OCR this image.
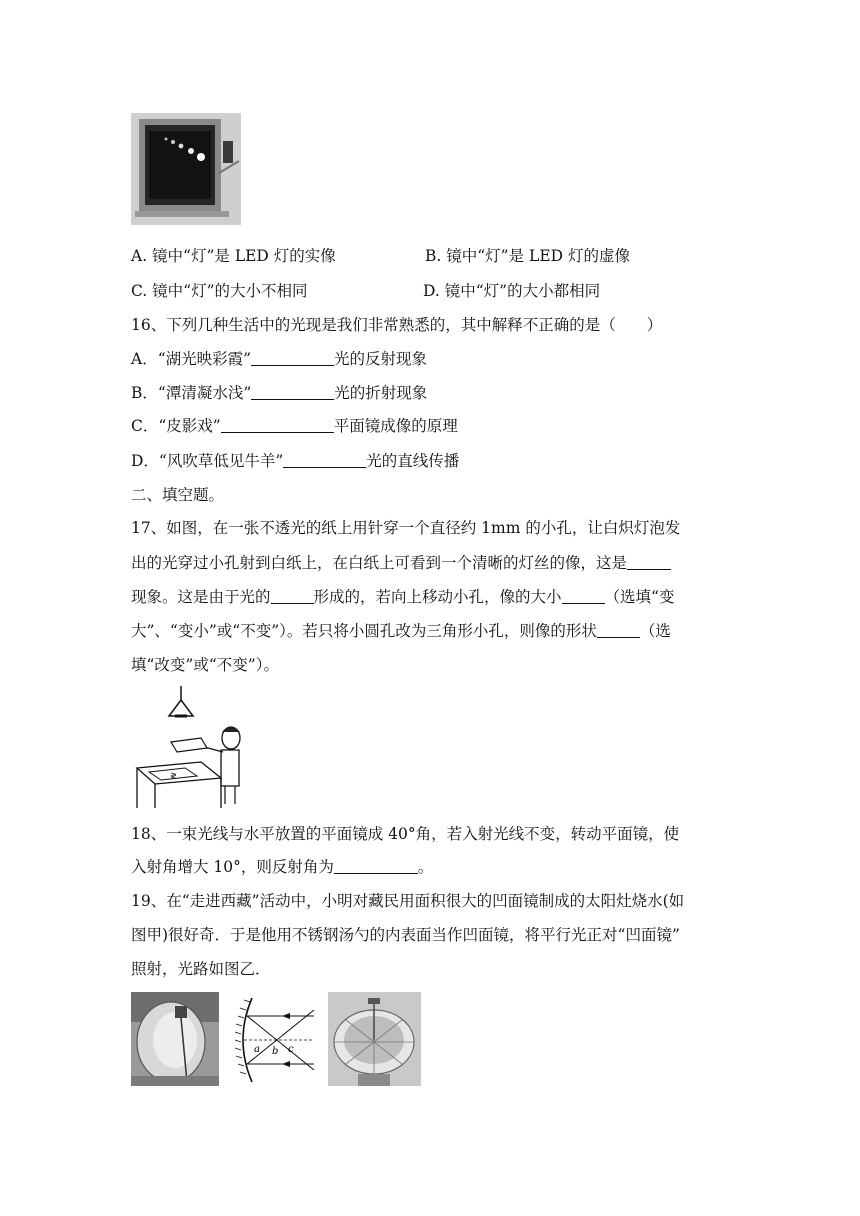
A. 镜中“灯”是 LED 灯的实像	B. 镜中“灯”是 LED 灯的虚像
C. 镜中“灯”的大小不相同	D. 镜中“灯”的大小都相同
16、下列几种生活中的光现是我们非常熟悉的，其中解释不正确的是（　　）
A．“湖光映彩霞”	光的反射现象
B．“潭清凝水浅”	光的折射现象
C．“皮影戏”	平面镜成像的原理
D．“风吹草低见牛羊”	光的直线传播
二、填空题。
17、如图，在一张不透光的纸上用针穿一个直径约 1mm 的小孔，让白炽灯泡发
出的光穿过小孔射到白纸上，在白纸上可看到一个清晰的灯丝的像，这是
现象。这是由于光的	形成的，若向上移动小孔，像的大小	（选填“变
大”、“变小”或“不变”）。若只将小圆孔改为三角形小孔，则像的形状	（选
填“改变”或“不变”）。
≷
18、一束光线与水平放置的平面镜成 40°角，若入射光线不变，转动平面镜，使
入射角增大 10°，则反射角为	。
19、在“走进西藏”活动中，小明对藏民用面积很大的凹面镜制成的太阳灶烧水(如
图甲)很好奇．于是他用不锈钢汤勺的内表面当作凹面镜，将平行光正对“凹面镜”
照射，光路如图乙．
a b c
